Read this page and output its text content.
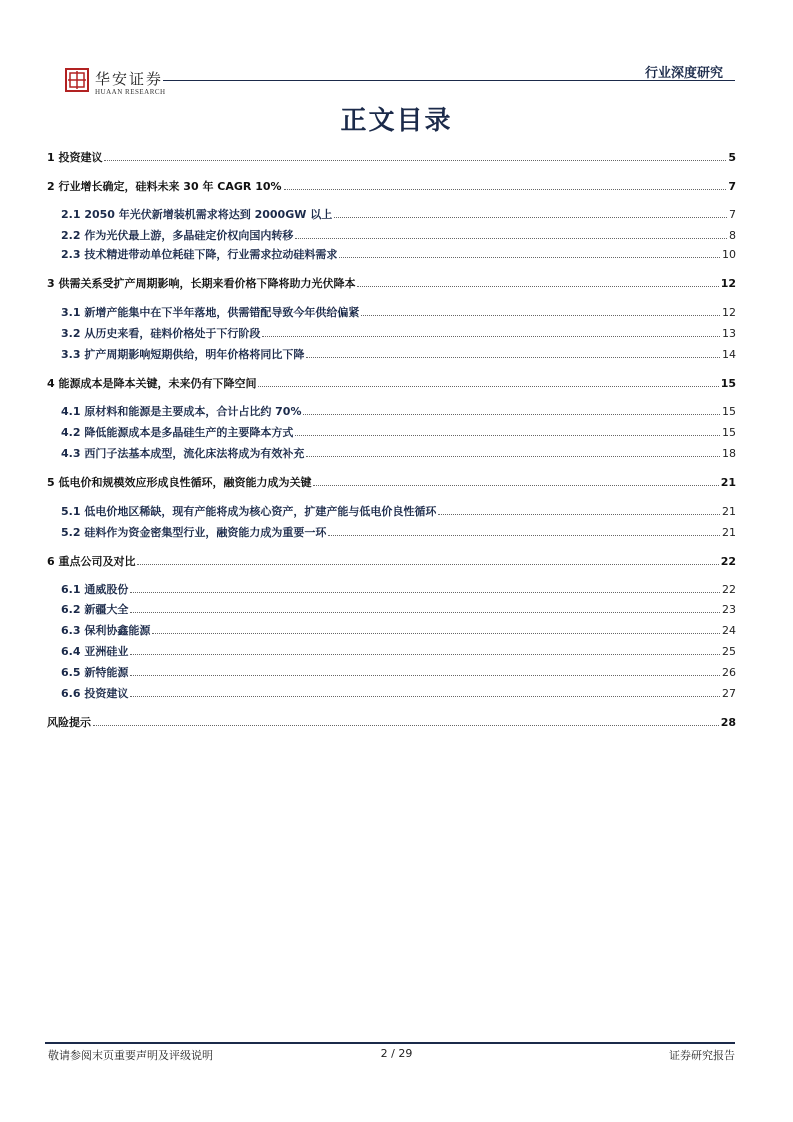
华安证券
HUAAN RESEARCH
行业深度研究
正文目录
1 投资建议	5
2 行业增长确定，硅料未来 30 年 CAGR 10%	7
2.1 2050 年光伏新增装机需求将达到 2000GW 以上	7
2.2 作为光伏最上游，多晶硅定价权向国内转移	8
2.3 技术精进带动单位耗硅下降，行业需求拉动硅料需求	10
3 供需关系受扩产周期影响，长期来看价格下降将助力光伏降本	12
3.1 新增产能集中在下半年落地，供需错配导致今年供给偏紧	12
3.2 从历史来看，硅料价格处于下行阶段	13
3.3 扩产周期影响短期供给，明年价格将同比下降	14
4 能源成本是降本关键，未来仍有下降空间	15
4.1 原材料和能源是主要成本，合计占比约 70%	15
4.2 降低能源成本是多晶硅生产的主要降本方式	15
4.3 西门子法基本成型，流化床法将成为有效补充	18
5 低电价和规模效应形成良性循环，融资能力成为关键	21
5.1 低电价地区稀缺，现有产能将成为核心资产，扩建产能与低电价良性循环	21
5.2 硅料作为资金密集型行业，融资能力成为重要一环	21
6 重点公司及对比	22
6.1 通威股份	22
6.2 新疆大全	23
6.3 保利协鑫能源	24
6.4 亚洲硅业	25
6.5 新特能源	26
6.6 投资建议	27
风险提示	28
敬请参阅末页重要声明及评级说明	2 / 29	证券研究报告
